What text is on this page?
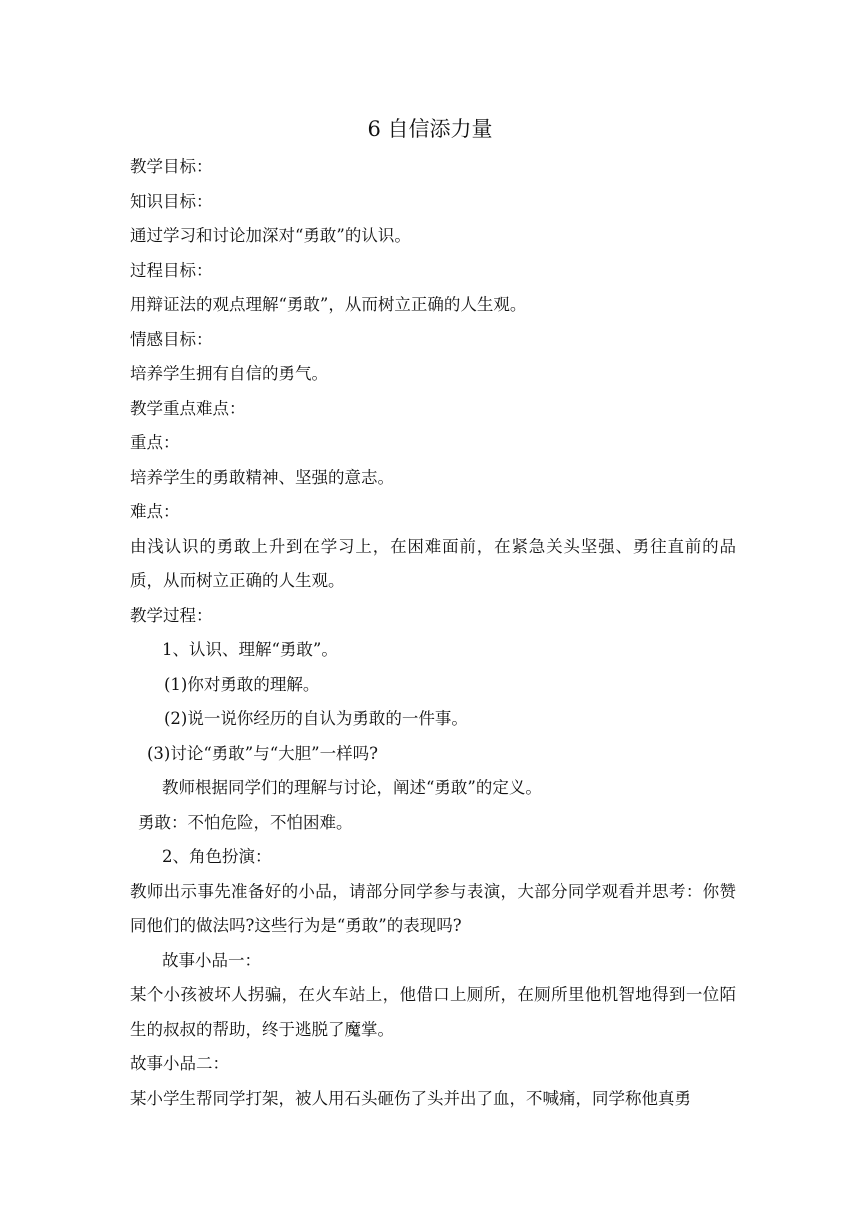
6 自信添力量
教学目标：
知识目标：
通过学习和讨论加深对“勇敢”的认识。
过程目标：
用辩证法的观点理解“勇敢”，从而树立正确的人生观。
情感目标：
培养学生拥有自信的勇气。
教学重点难点：
重点：
培养学生的勇敢精神、坚强的意志。
难点：
由浅认识的勇敢上升到在学习上，在困难面前，在紧急关头坚强、勇往直前的品质，从而树立正确的人生观。
教学过程：
1、认识、理解“勇敢”。
(1)你对勇敢的理解。
(2)说一说你经历的自认为勇敢的一件事。
(3)讨论“勇敢”与“大胆”一样吗?
教师根据同学们的理解与讨论，阐述“勇敢”的定义。
勇敢：不怕危险，不怕困难。
2、角色扮演：
教师出示事先准备好的小品，请部分同学参与表演，大部分同学观看并思考：你赞同他们的做法吗?这些行为是“勇敢”的表现吗?
故事小品一：
某个小孩被坏人拐骗，在火车站上，他借口上厕所，在厕所里他机智地得到一位陌生的叔叔的帮助，终于逃脱了魔掌。
故事小品二：
某小学生帮同学打架，被人用石头砸伤了头并出了血，不喊痛，同学称他真勇
